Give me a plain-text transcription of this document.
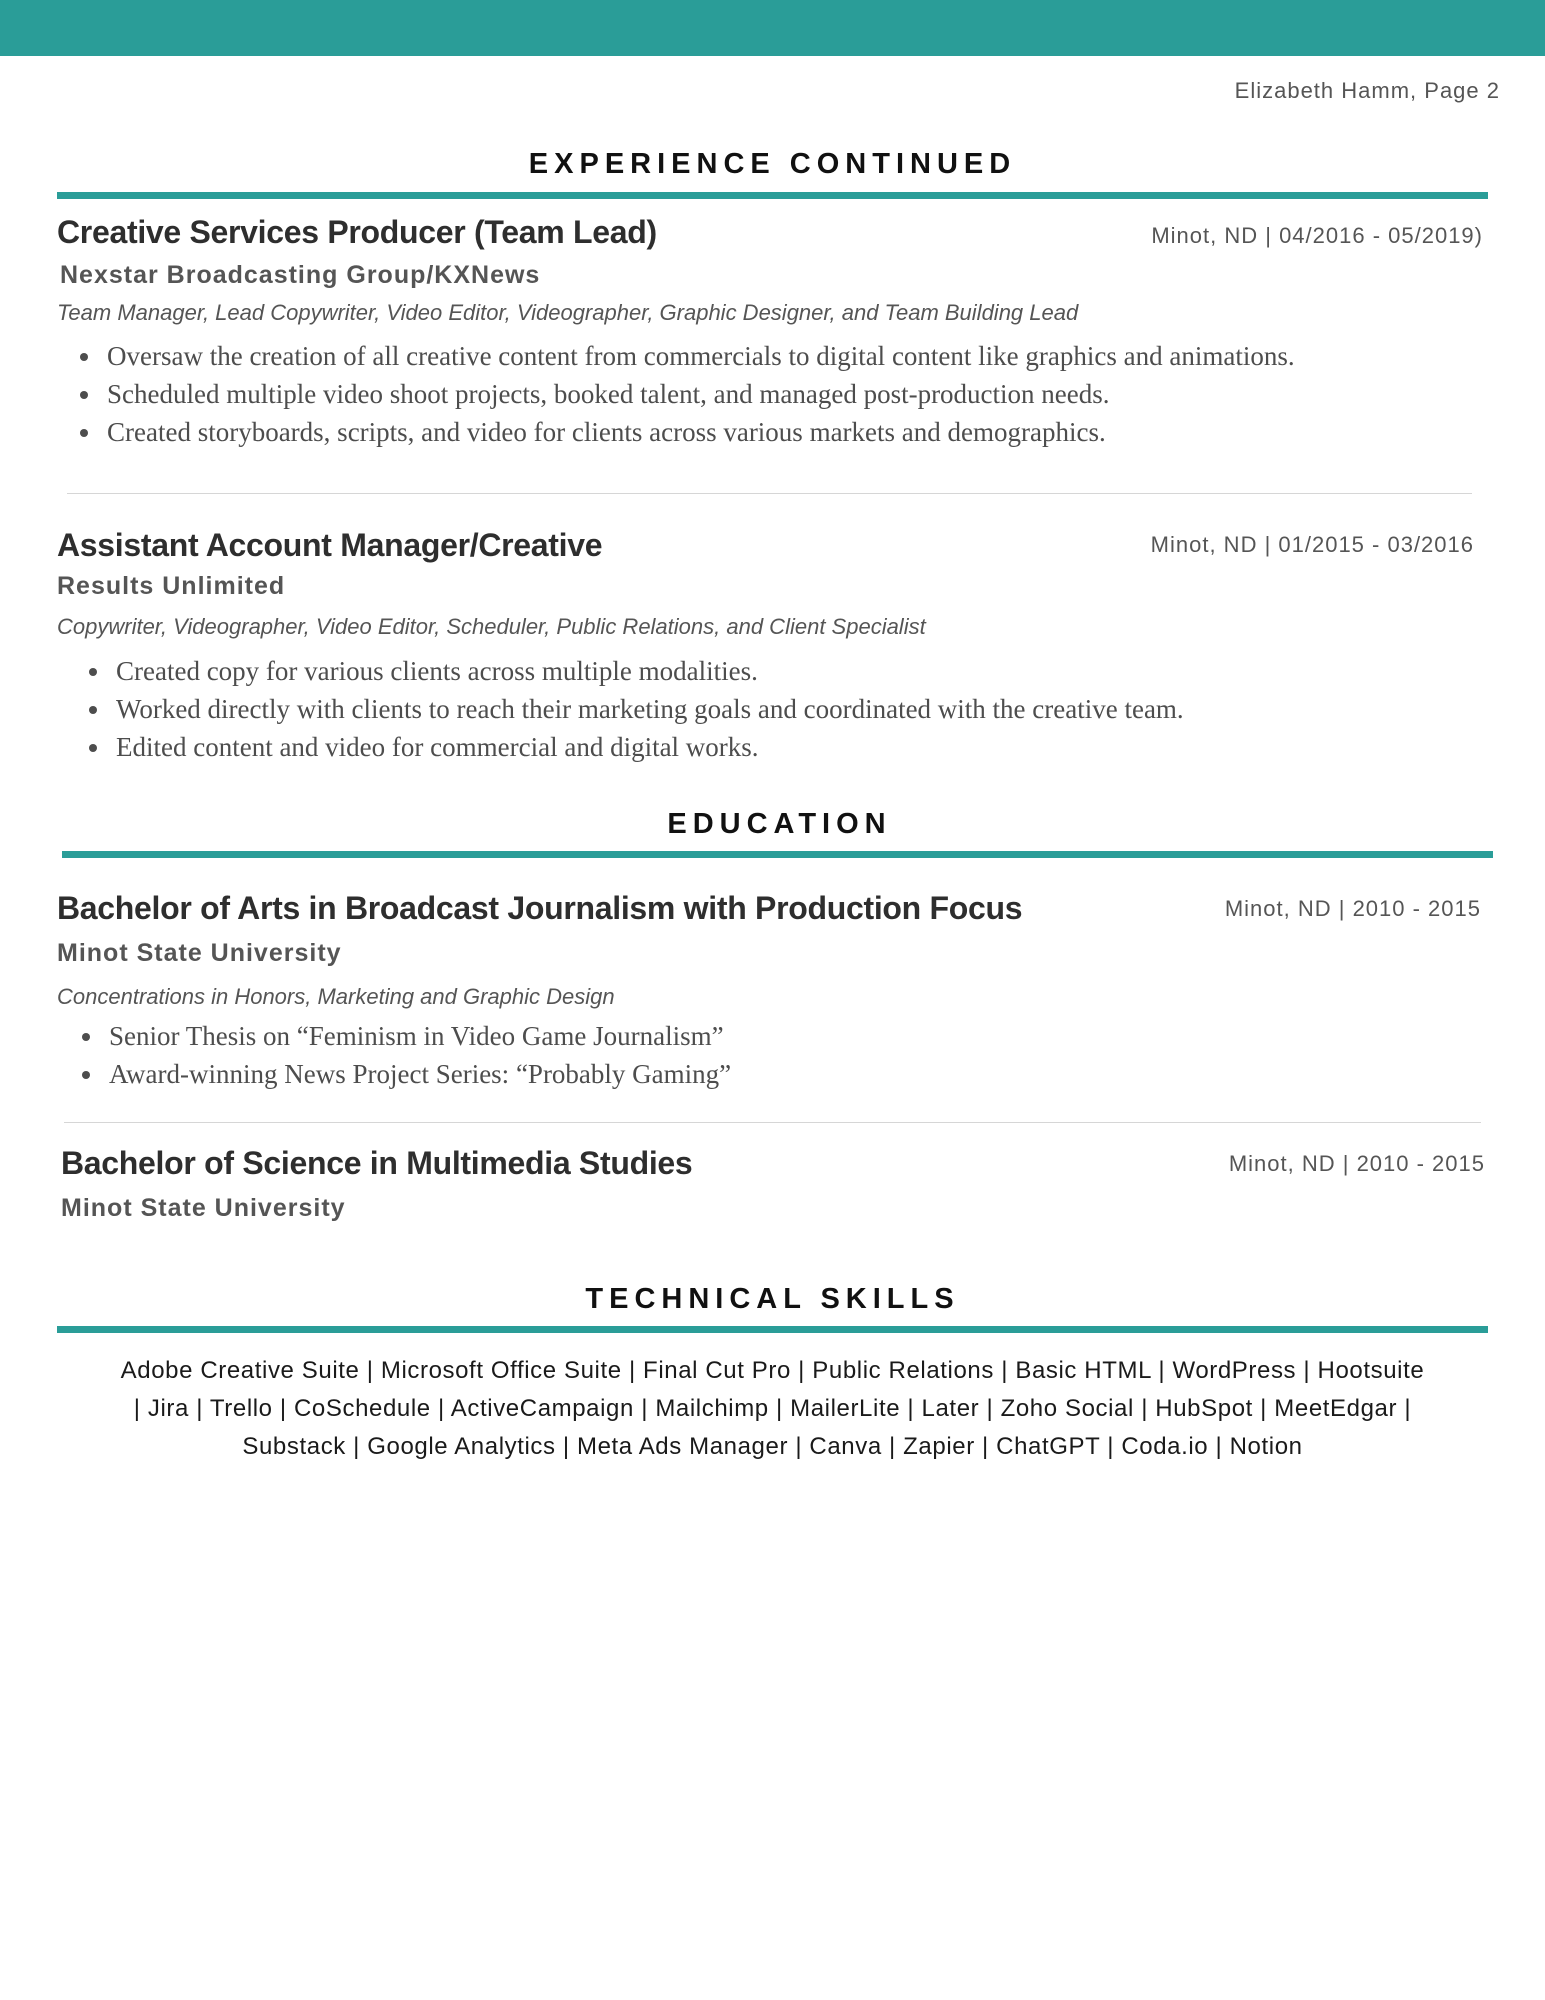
Elizabeth Hamm, Page 2
EXPERIENCE CONTINUED
Creative Services Producer (Team Lead)	Minot, ND | 04/2016 - 05/2019)
Nexstar Broadcasting Group/KXNews
Team Manager, Lead Copywriter, Video Editor, Videographer, Graphic Designer, and Team Building Lead
• Oversaw the creation of all creative content from commercials to digital content like graphics and animations.
• Scheduled multiple video shoot projects, booked talent, and managed post-production needs.
• Created storyboards, scripts, and video for clients across various markets and demographics.
Assistant Account Manager/Creative	Minot, ND | 01/2015 - 03/2016
Results Unlimited
Copywriter, Videographer, Video Editor, Scheduler, Public Relations, and Client Specialist
• Created copy for various clients across multiple modalities.
• Worked directly with clients to reach their marketing goals and coordinated with the creative team.
• Edited content and video for commercial and digital works.
EDUCATION
Bachelor of Arts in Broadcast Journalism with Production Focus	Minot, ND | 2010 - 2015
Minot State University
Concentrations in Honors, Marketing and Graphic Design
• Senior Thesis on “Feminism in Video Game Journalism”
• Award-winning News Project Series: “Probably Gaming”
Bachelor of Science in Multimedia Studies	Minot, ND | 2010 - 2015
Minot State University
TECHNICAL SKILLS
Adobe Creative Suite | Microsoft Office Suite | Final Cut Pro | Public Relations | Basic HTML | WordPress | Hootsuite
| Jira | Trello | CoSchedule | ActiveCampaign | Mailchimp | MailerLite | Later | Zoho Social | HubSpot | MeetEdgar |
Substack | Google Analytics | Meta Ads Manager | Canva | Zapier | ChatGPT | Coda.io | Notion
